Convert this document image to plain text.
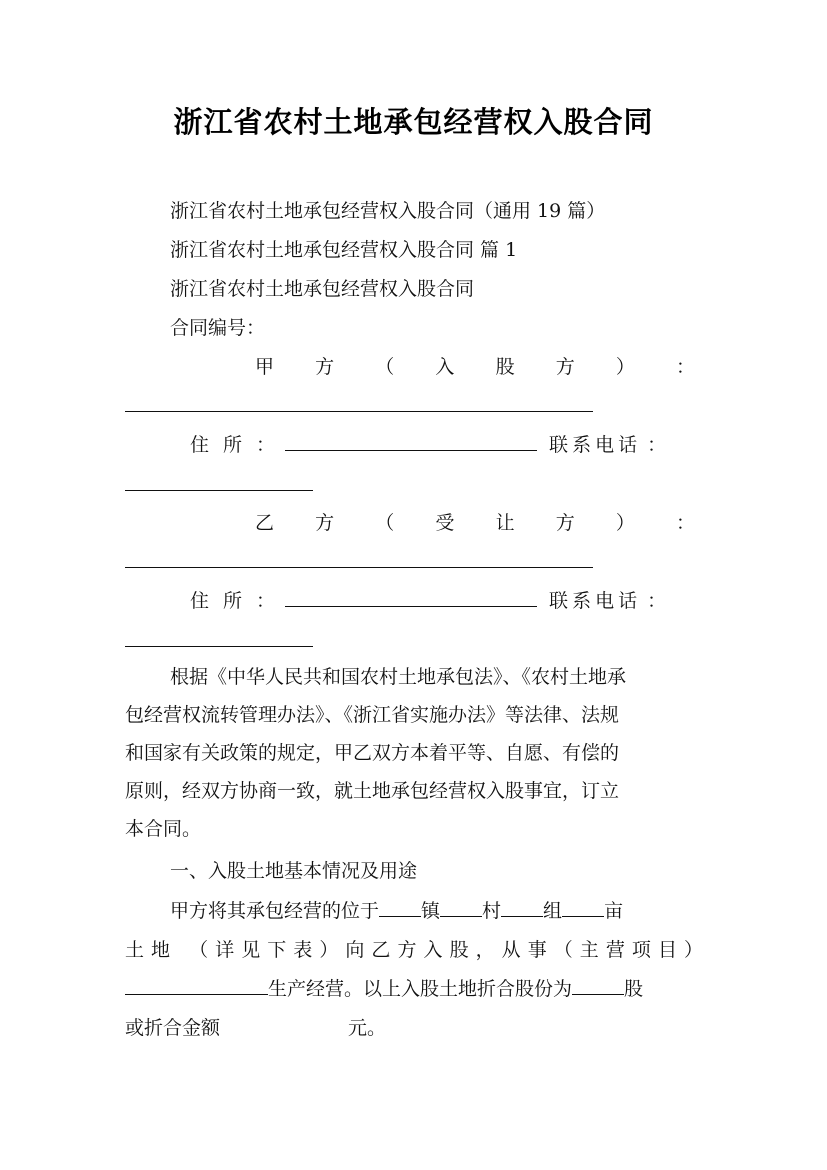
浙江省农村土地承包经营权入股合同
浙江省农村土地承包经营权入股合同（通用 19 篇）
浙江省农村土地承包经营权入股合同 篇 1
浙江省农村土地承包经营权入股合同
合同编号：
甲 方 （ 入 股 方 ） ：
住 所 ：	联 系 电 话 ：
乙 方 （ 受 让 方 ） ：
住 所 ：	联 系 电 话 ：
根据《中华人民共和国农村土地承包法》、《农村土地承
包经营权流转管理办法》、《浙江省实施办法》等法律、法规
和国家有关政策的规定，甲乙双方本着平等、自愿、有偿的
原则，经双方协商一致，就土地承包经营权入股事宜，订立
本合同。
一、入股土地基本情况及用途
甲方将其承包经营的位于 镇 村 组 亩
土 地 （ 详 见 下 表 ） 向 乙 方 入 股 ， 从 事 （ 主 营 项 目 ）
生产经营。以上入股土地折合股份为	股
或折合金额	元。
